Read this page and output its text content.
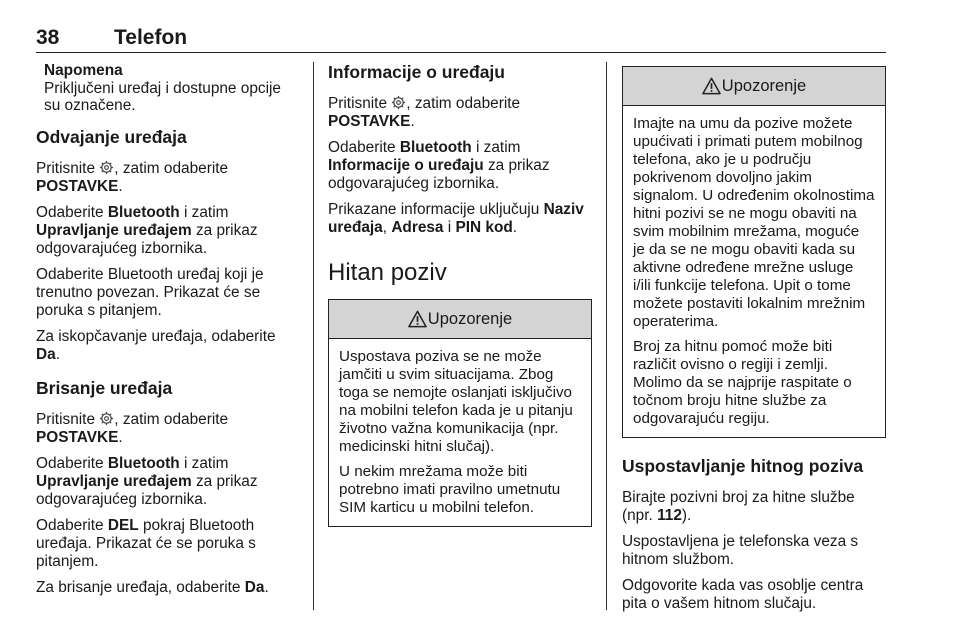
38	Telefon
Napomena
Priključeni uređaj i dostupne opcije su označene.
Odvajanje uređaja

Pritisnite , zatim odaberite POSTAVKE.

Odaberite Bluetooth i zatim Upravljanje uređajem za prikaz odgovarajućeg izbornika.

Odaberite Bluetooth uređaj koji je trenutno povezan. Prikazat će se poruka s pitanjem.

Za iskopčavanje uređaja, odaberite Da.

Brisanje uređaja

Pritisnite , zatim odaberite POSTAVKE.

Odaberite Bluetooth i zatim Upravljanje uređajem za prikaz odgovarajućeg izbornika.

Odaberite DEL pokraj Bluetooth uređaja. Prikazat će se poruka s pitanjem.

Za brisanje uređaja, odaberite Da.

Informacije o uređaju

Pritisnite , zatim odaberite POSTAVKE.

Odaberite Bluetooth i zatim Informacije o uređaju za prikaz odgovarajućeg izbornika.

Prikazane informacije uključuju Naziv uređaja, Adresa i PIN kod.

Hitan poziv
Upozorenje

Uspostava poziva se ne može jamčiti u svim situacijama. Zbog toga se nemojte oslanjati isključivo na mobilni telefon kada je u pitanju životno važna komunikacija (npr. medicinski hitni slučaj).

U nekim mrežama može biti potrebno imati pravilno umetnutu SIM karticu u mobilni telefon.

Upozorenje

Imajte na umu da pozive možete upućivati i primati putem mobilnog telefona, ako je u području pokrivenom dovoljno jakim signalom. U određenim okolnostima hitni pozivi se ne mogu obaviti na svim mobilnim mrežama, moguće je da se ne mogu obaviti kada su aktivne određene mrežne usluge i/ili funkcije telefona. Upit o tome možete postaviti lokalnim mrežnim operaterima.

Broj za hitnu pomoć može biti različit ovisno o regiji i zemlji. Molimo da se najprije raspitate o točnom broju hitne službe za odgovarajuću regiju.

Uspostavljanje hitnog poziva

Birajte pozivni broj za hitne službe (npr. 112).

Uspostavljena je telefonska veza s hitnom službom.

Odgovorite kada vas osoblje centra pita o vašem hitnom slučaju.
